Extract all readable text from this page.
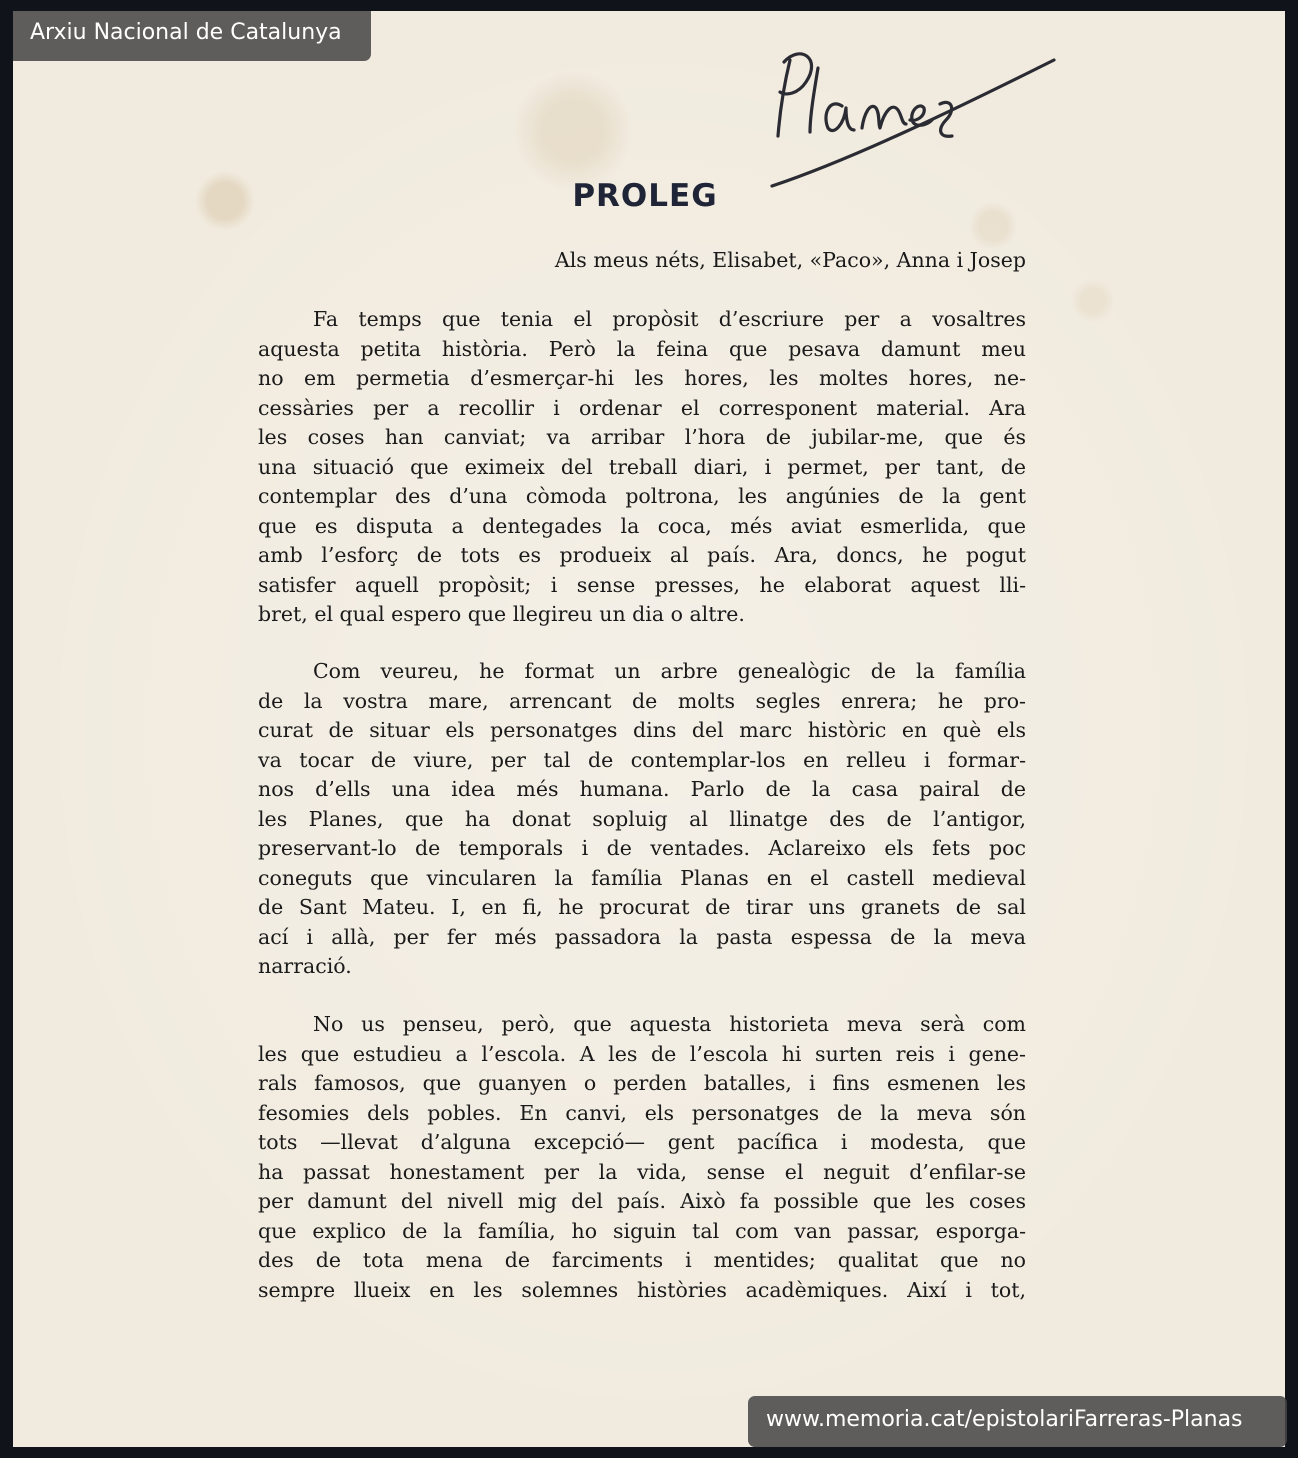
Arxiu Nacional de Catalunya
PROLEG
Als meus néts, Elisabet, «Paco», Anna i Josep
Fa temps que tenia el propòsit d’escriure per a vosaltres
aquesta petita història. Però la feina que pesava damunt meu
no em permetia d’esmerçar-hi les hores, les moltes hores, ne-
cessàries per a recollir i ordenar el corresponent material. Ara
les coses han canviat; va arribar l’hora de jubilar-me, que és
una situació que eximeix del treball diari, i permet, per tant, de
contemplar des d’una còmoda poltrona, les angúnies de la gent
que es disputa a dentegades la coca, més aviat esmerlida, que
amb l’esforç de tots es produeix al país. Ara, doncs, he pogut
satisfer aquell propòsit; i sense presses, he elaborat aquest lli-
bret, el qual espero que llegireu un dia o altre.
Com veureu, he format un arbre genealògic de la família
de la vostra mare, arrencant de molts segles enrera; he pro-
curat de situar els personatges dins del marc històric en què els
va tocar de viure, per tal de contemplar-los en relleu i formar-
nos d’ells una idea més humana. Parlo de la casa pairal de
les Planes, que ha donat sopluig al llinatge des de l’antigor,
preservant-lo de temporals i de ventades. Aclareixo els fets poc
coneguts que vincularen la família Planas en el castell medieval
de Sant Mateu. I, en fi, he procurat de tirar uns granets de sal
ací i allà, per fer més passadora la pasta espessa de la meva
narració.
No us penseu, però, que aquesta historieta meva serà com
les que estudieu a l’escola. A les de l’escola hi surten reis i gene-
rals famosos, que guanyen o perden batalles, i fins esmenen les
fesomies dels pobles. En canvi, els personatges de la meva són
tots —llevat d’alguna excepció— gent pacífica i modesta, que
ha passat honestament per la vida, sense el neguit d’enfilar-se
per damunt del nivell mig del país. Això fa possible que les coses
que explico de la família, ho siguin tal com van passar, esporga-
des de tota mena de farciments i mentides; qualitat que no
sempre llueix en les solemnes històries acadèmiques. Així i tot,
www.memoria.cat/epistolariFarreras-Planas
